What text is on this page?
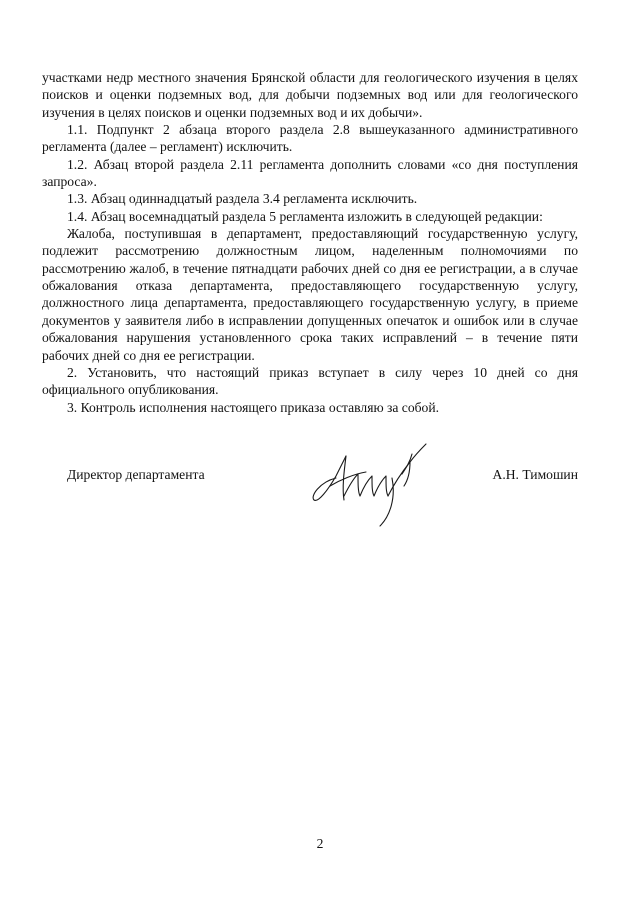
участками недр местного значения Брянской области для геологического изучения в целях поисков и оценки подземных вод, для добычи подземных вод или для геологического изучения в целях поисков и оценки подземных вод и их добычи».

1.1. Подпункт 2 абзаца второго раздела 2.8 вышеуказанного административного регламента (далее – регламент) исключить.

1.2. Абзац второй раздела 2.11 регламента дополнить словами «со дня поступления запроса».

1.3. Абзац одиннадцатый раздела 3.4 регламента исключить.

1.4. Абзац восемнадцатый раздела 5 регламента изложить в следующей редакции:

Жалоба, поступившая в департамент, предоставляющий государственную услугу, подлежит рассмотрению должностным лицом, наделенным полномочиями по рассмотрению жалоб, в течение пятнадцати рабочих дней со дня ее регистрации, а в случае обжалования отказа департамента, предоставляющего государственную услугу, должностного лица департамента, предоставляющего государственную услугу, в приеме документов у заявителя либо в исправлении допущенных опечаток и ошибок или в случае обжалования нарушения установленного срока таких исправлений – в течение пяти рабочих дней со дня ее регистрации.

2. Установить, что настоящий приказ вступает в силу через 10 дней со дня официального опубликования.

3. Контроль исполнения настоящего приказа оставляю за собой.

Директор департамента	А.Н. Тимошин
2
